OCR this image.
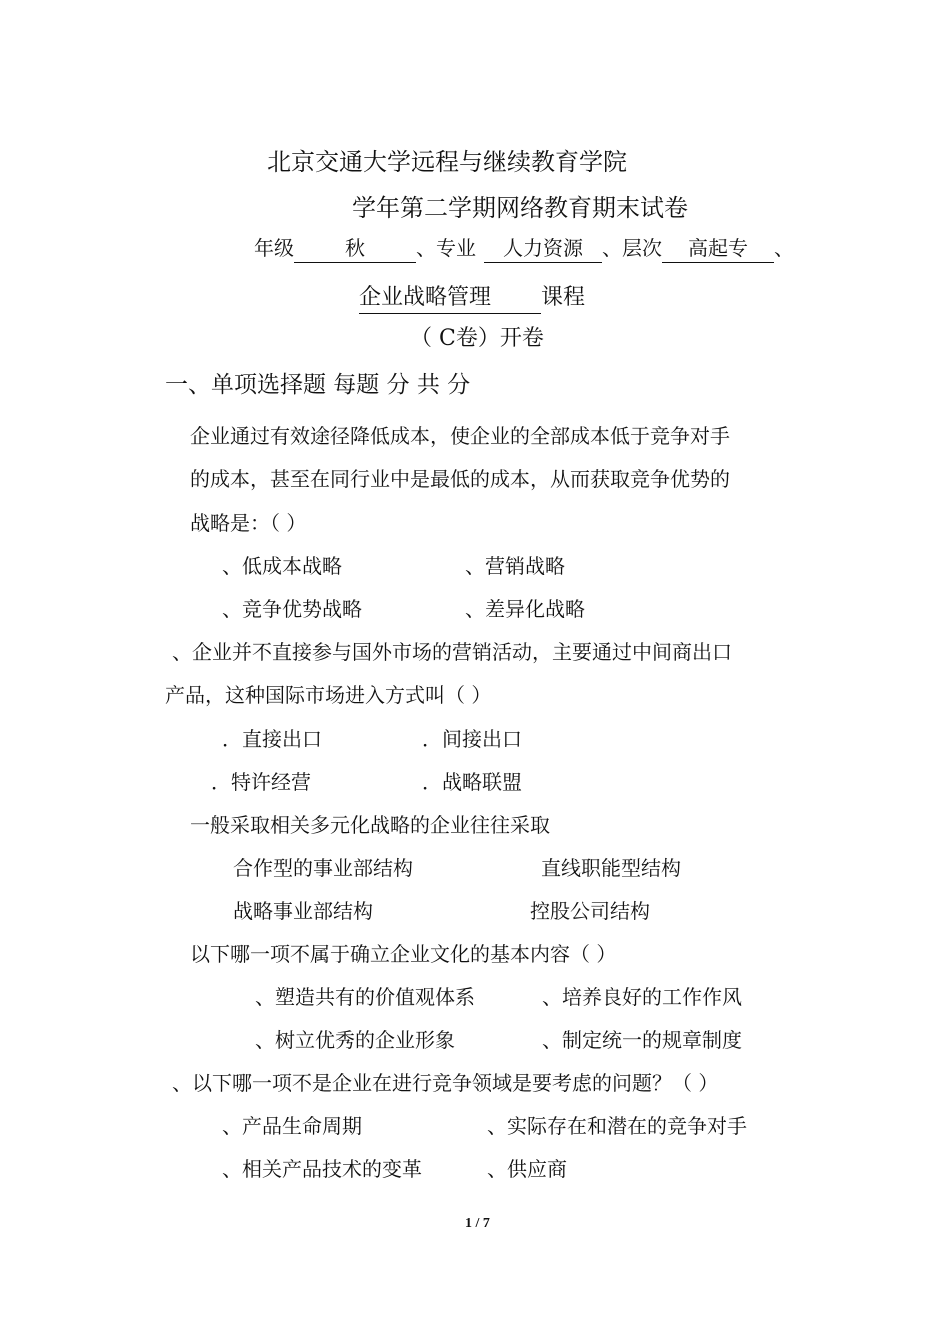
北京交通大学远程与继续教育学院
学年第二学期网络教育期末试卷
年级	秋	、专业 人力资源 、层次 高起专 、
企业战略管理 课程
（ C卷）开卷
一、单项选择题 每题 分 共 分
企业通过有效途径降低成本，使企业的全部成本低于竞争对手
的成本，甚至在同行业中是最低的成本，从而获取竞争优势的
战略是：（ ）
、低成本战略	、营销战略
、竞争优势战略	、差异化战略
、企业并不直接参与国外市场的营销活动，主要通过中间商出口
产品，这种国际市场进入方式叫（ ）
．直接出口	．间接出口
．特许经营	．战略联盟
一般采取相关多元化战略的企业往往采取
合作型的事业部结构	直线职能型结构
战略事业部结构	控股公司结构
以下哪一项不属于确立企业文化的基本内容（ ）
、塑造共有的价值观体系	、培养良好的工作作风
、树立优秀的企业形象	、制定统一的规章制度
、以下哪一项不是企业在进行竞争领域是要考虑的问题？（ ）
、产品生命周期	、实际存在和潜在的竞争对手
、相关产品技术的变革	、供应商
1 / 7
